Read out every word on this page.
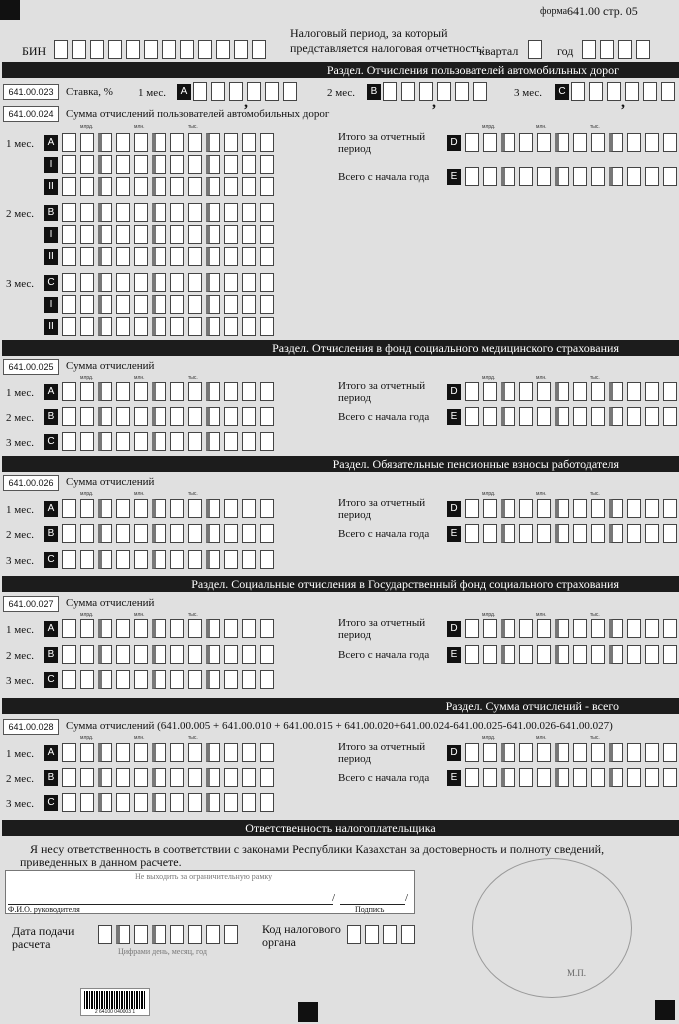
форма 641.00 стр. 05
Налоговый период, за который
представляется налоговая отчетность:
БИН	квартал	год
Раздел. Отчисления пользователей автомобильных дорог
641.00.023	Ставка, % 1 мес.	A
,
2 мес.	B
,
3 мес.	C
,
641.00.024	Сумма отчислений пользователей автомобильных дорог
млрд.	млн.	тыс.
1 мес.	A
I
II
2 мес.	B
I
II
3 мес.	C
I
II
млрд.	млн.	тыс.
Итого за отчетный
период
D
Всего с начала года	E
Раздел. Отчисления в фонд социального медицинского страхования
641.00.025	Сумма отчислений
млрд.	млн.	тыс.
1 мес.	A
2 мес.	B
3 мес.	C
млрд.	млн.	тыс.
Итого за отчетный
период
D
Всего с начала года	E
Раздел. Обязательные пенсионные взносы работодателя
641.00.026	Сумма отчислений
млрд.	млн.	тыс.
1 мес.	A
2 мес.	B
3 мес.	C
млрд.	млн.	тыс.
Итого за отчетный
период
D
Всего с начала года	E
Раздел. Социальные отчисления в Государственный фонд социального страхования
641.00.027	Сумма отчислений
млрд.	млн.	тыс.
1 мес.	A
2 мес.	B
3 мес.	C
млрд.	млн.	тыс.
Итого за отчетный
период
D
Всего с начала года	E
Раздел. Сумма отчислений - всего
641.00.028	Сумма отчислений (641.00.005 + 641.00.010 + 641.00.015 + 641.00.020+641.00.024-641.00.025-641.00.026-641.00.027)
млрд.	млн.	тыс.
1 мес.	A
2 мес.	B
3 мес.	C
млрд.	млн.	тыс.
Итого за отчетный
период
D
Всего с начала года	E
Ответственность налогоплательщика
Я несу ответственность в соответствии с законами Республики Казахстан за достоверность и полноту сведений,
приведенных в данном расчете.
Не выходить за ограничительную рамку
/	/
Ф.И.О. руководителя	Подпись
Дата подачи
расчета
Цифрами день, месяц, год
Код налогового
органа
М.П.
2 64100 040003 1
